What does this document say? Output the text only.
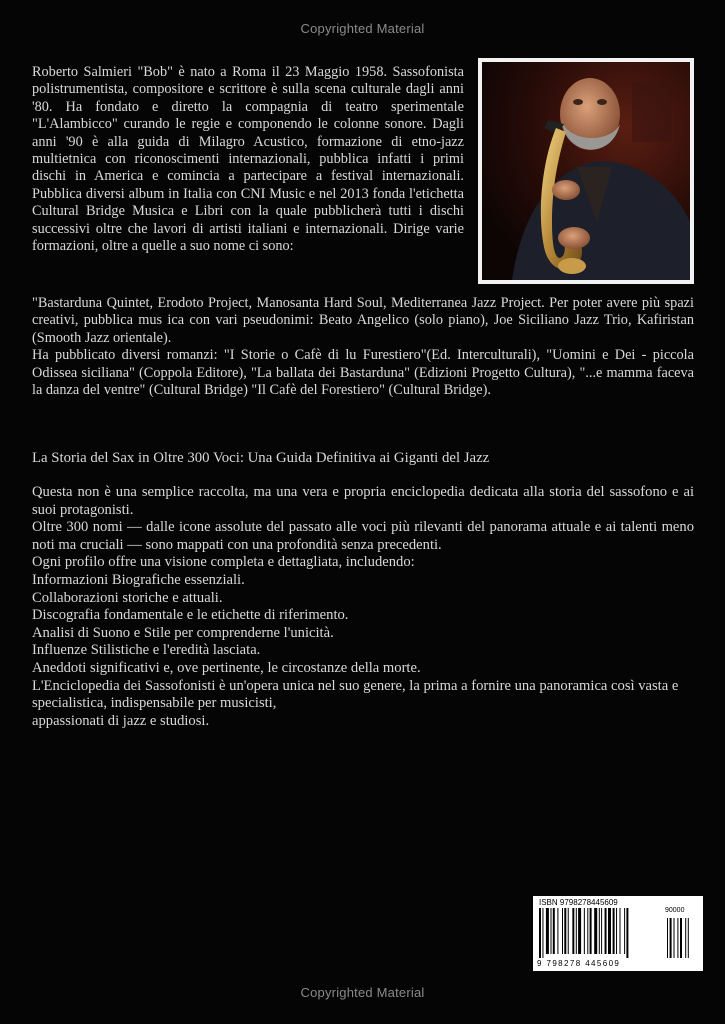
Copyrighted Material

Roberto Salmieri "Bob" è nato a Roma il 23 Maggio 1958. Sassofonista polistrumentista, compositore e scrittore è sulla scena culturale dagli anni '80. Ha fondato e diretto la compagnia di teatro sperimentale "L'Alambicco" curando le regie e componendo le colonne sonore. Dagli anni '90 è alla guida di Milagro Acustico, formazione di etno-jazz multietnica con riconoscimenti internazionali, pubblica infatti i primi dischi in America e comincia a partecipare a festival internazionali. Pubblica diversi album in Italia con CNI Music e nel 2013 fonda l'etichetta Cultural Bridge Musica e Libri con la quale pubblicherà tutti i dischi successivi oltre che lavori di artisti italiani e internazionali. Dirige varie formazioni, oltre a quelle a suo nome ci sono:

"Bastarduna Quintet, Erodoto Project, Manosanta Hard Soul, Mediterranea Jazz Project. Per poter avere più spazi creativi, pubblica mus ica con vari pseudonimi: Beato Angelico (solo piano), Joe Siciliano Jazz Trio, Kafiristan (Smooth Jazz orientale).

Ha pubblicato diversi romanzi: "I Storie o Cafè di lu Furestiero"(Ed. Interculturali), "Uomini e Dei - piccola Odissea siciliana" (Coppola Editore), "La ballata dei Bastarduna" (Edizioni Progetto Cultura), "...e mamma faceva la danza del ventre" (Cultural Bridge) "Il Cafè del Forestiero" (Cultural Bridge).

La Storia del Sax in Oltre 300 Voci: Una Guida Definitiva ai Giganti del Jazz

Questa non è una semplice raccolta, ma una vera e propria enciclopedia dedicata alla storia del sassofono e ai suoi protagonisti.

Oltre 300 nomi — dalle icone assolute del passato alle voci più rilevanti del panorama attuale e ai talenti meno noti ma cruciali — sono mappati con una profondità senza precedenti.

Ogni profilo offre una visione completa e dettagliata, includendo:

Informazioni Biografiche essenziali.

Collaborazioni storiche e attuali.

Discografia fondamentale e le etichette di riferimento.

Analisi di Suono e Stile per comprenderne l'unicità.

Influenze Stilistiche e l'eredità lasciata.

Aneddoti significativi e, ove pertinente, le circostanze della morte.

L'Enciclopedia dei Sassofonisti è un'opera unica nel suo genere, la prima a fornire una panoramica così vasta e specialistica, indispensabile per musicisti,

appassionati di jazz e studiosi.

ISBN 9798278445609
90000
9 798278 445609
Copyrighted Material
